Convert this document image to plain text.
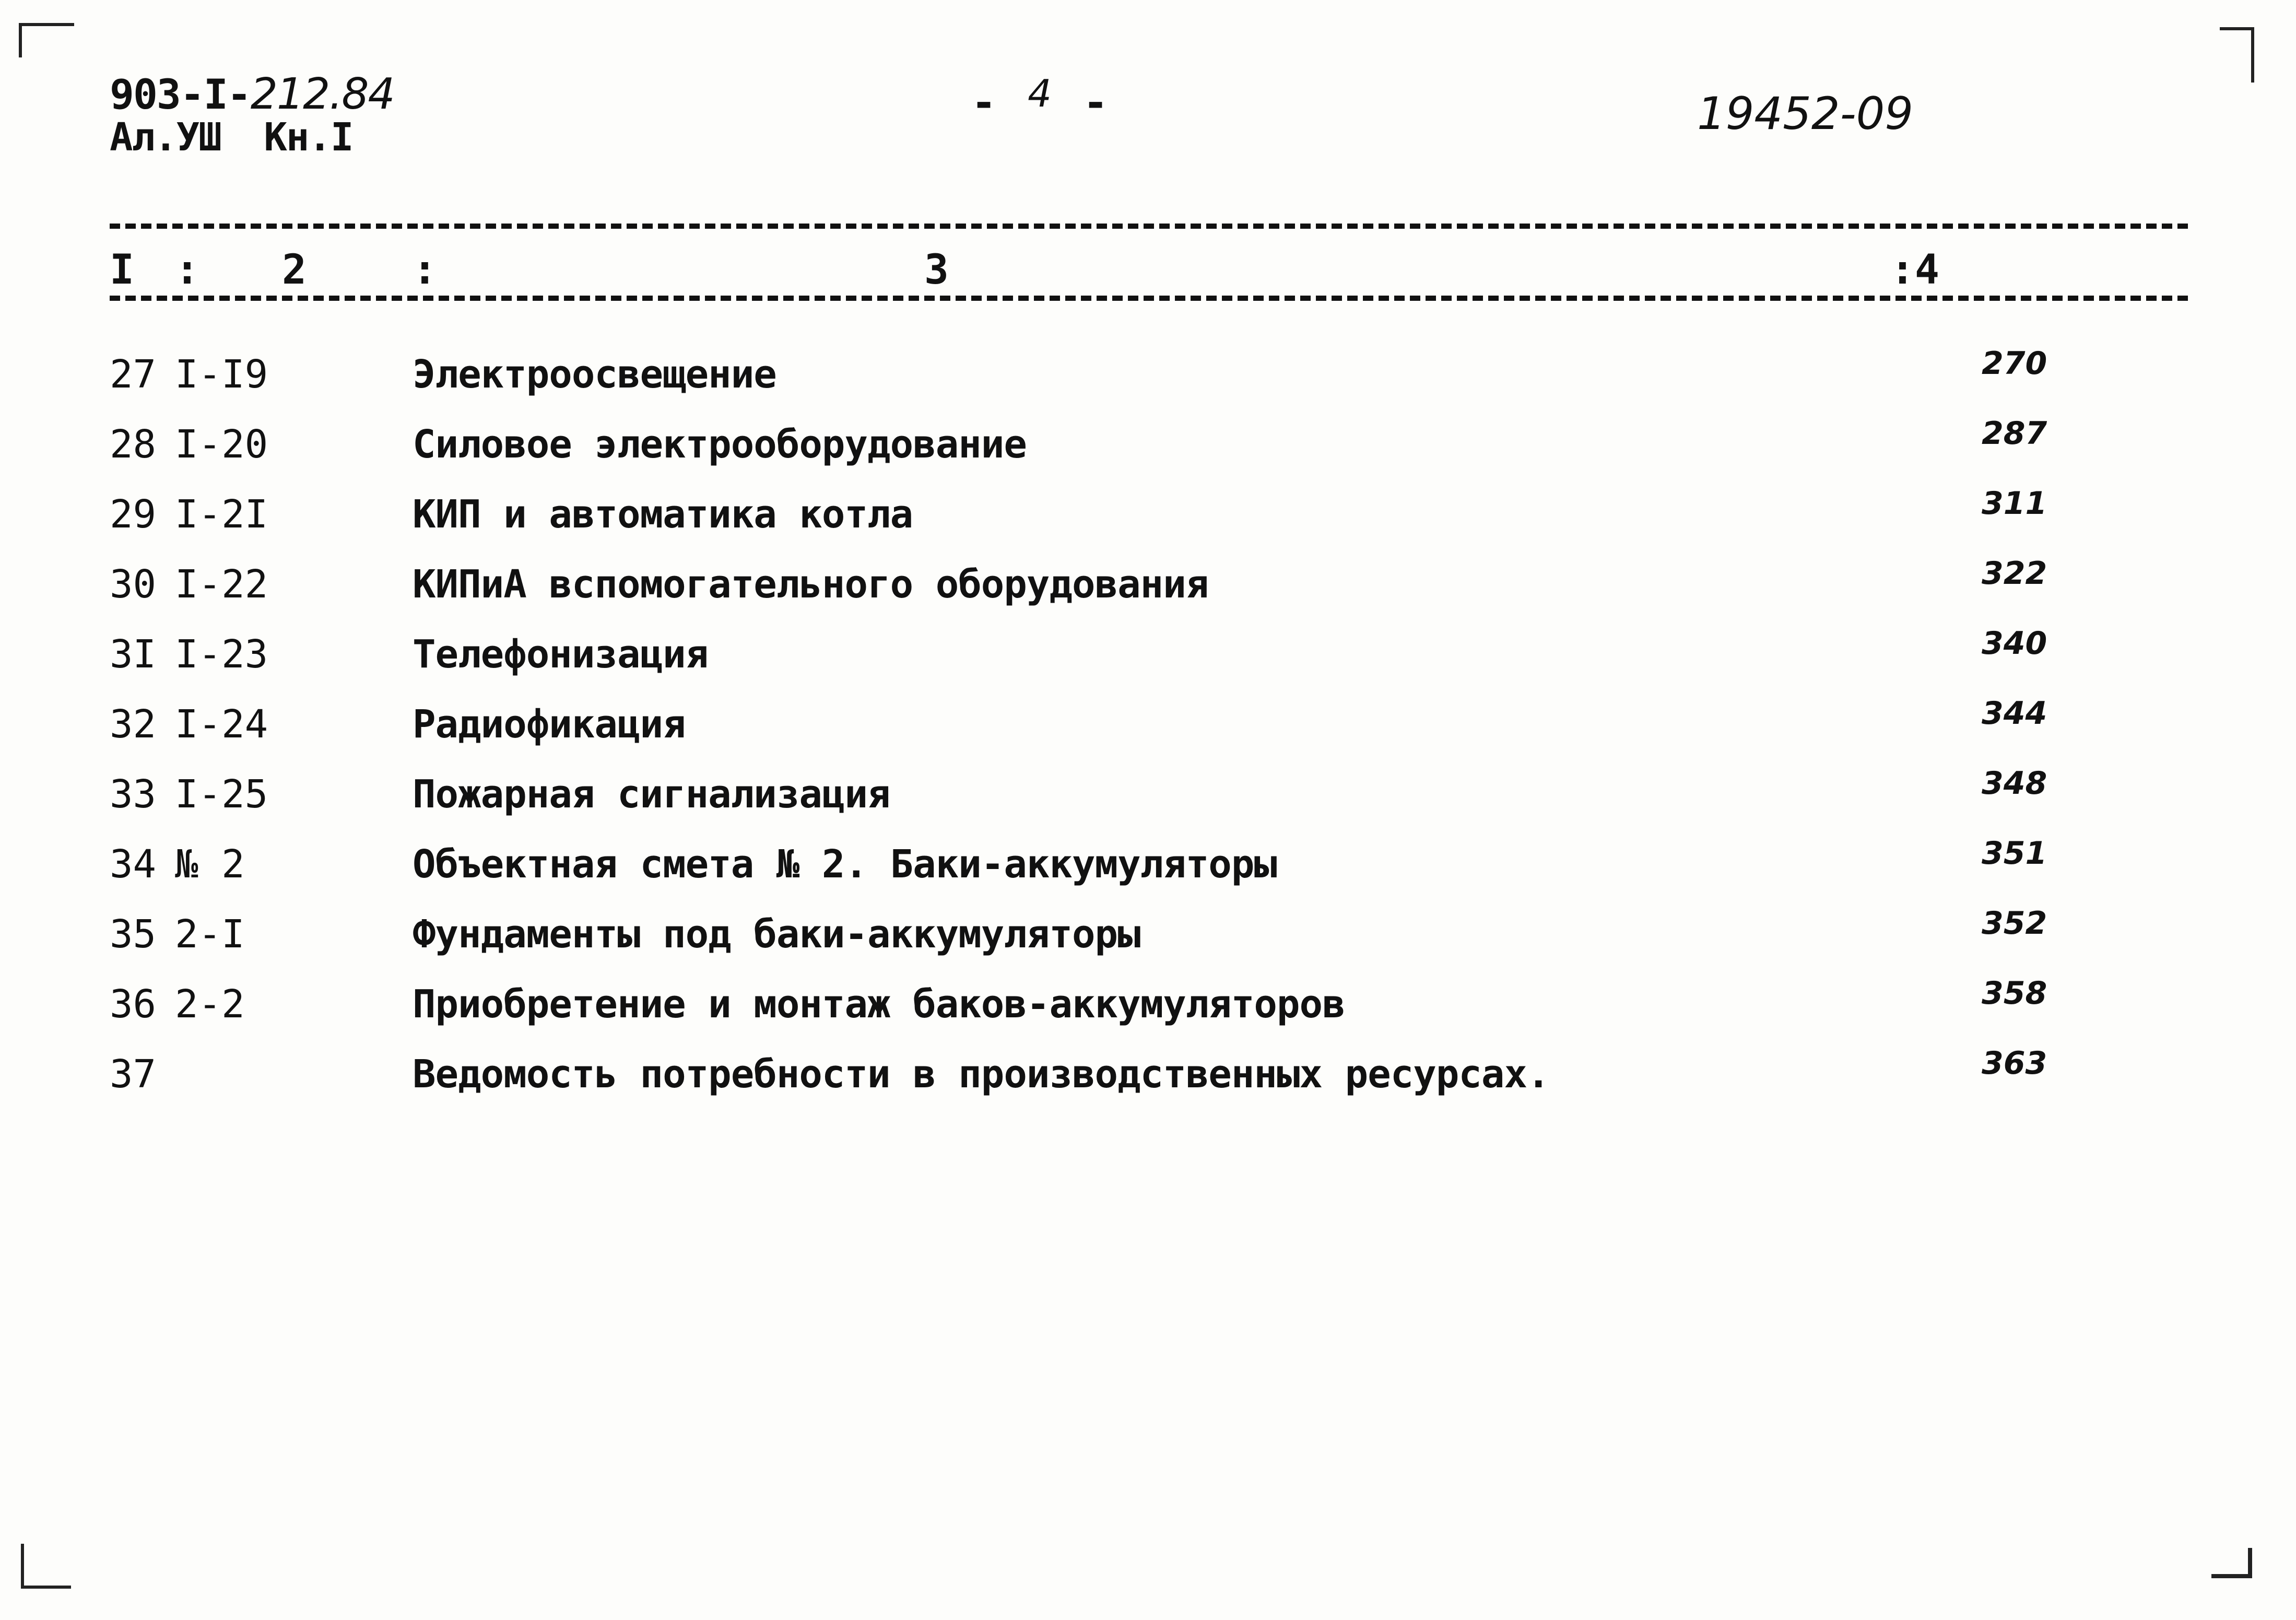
903-I-212.84
Ал.УШ Кн.I
- 4 -	19452-09
I : 2	:	3	:4
27 I-I9	Электроосвещение	270
28 I-20	Силовое электрооборудование	287
29 I-2I	КИП и автоматика котла	311
30 I-22	КИПиА вспомогательного оборудования	322
3I I-23	Телефонизация	340
32 I-24	Радиофикация	344
33 I-25	Пожарная сигнализация	348
34 № 2	Объектная смета № 2. Баки-аккумуляторы	351
35 2-I	Фундаменты под баки-аккумуляторы	352
36 2-2	Приобретение и монтаж баков-аккумуляторов	358
37	Ведомость потребности в производственных ресурсах.	363
